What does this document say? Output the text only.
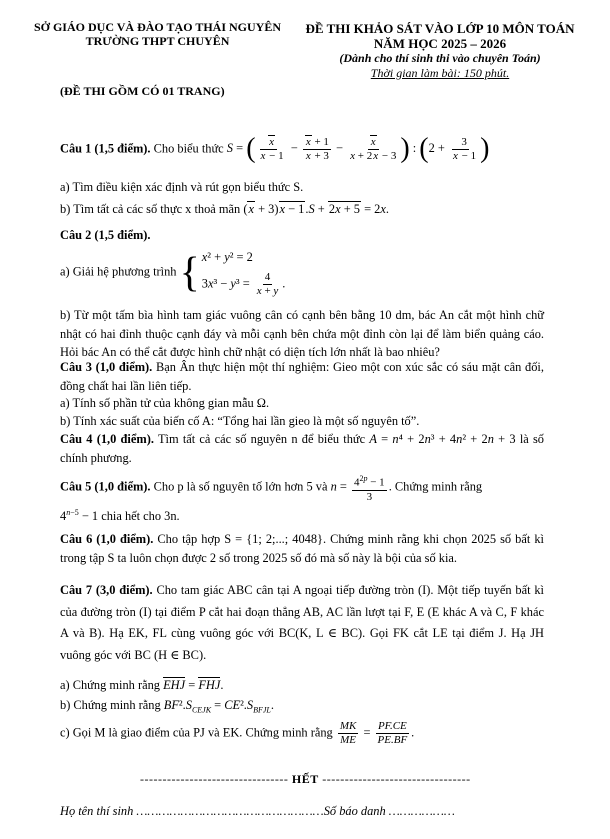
SỞ GIÁO DỤC VÀ ĐÀO TẠO THÁI NGUYÊN
TRƯỜNG THPT CHUYÊN
ĐỀ THI KHẢO SÁT VÀO LỚP 10 MÔN TOÁN
NĂM HỌC 2025 – 2026
(Dành cho thí sinh thi vào chuyên Toán)
Thời gian làm bài: 150 phút.
(ĐỀ THI GỒM CÓ 01 TRANG)
Câu 1 (1,5 điểm). Cho biểu thức S = ( $\frac{x}{x - 1} - \frac{x + 1}{x + 3} - \frac{x}{x + 2x - 3}$ ) : ($2 + \frac{3}{x - 1}$ )
a) Tìm điều kiện xác định và rút gọn biểu thức S.
b) Tìm tất cả các số thực x thoả mãn (x + 3)x − 1.S + 2x + 5 = 2x.
Câu 2 (1,5 điểm).
a) Giải hệ phương trình { x² + y² = 2
$3x^3 - y^3 = \frac{4}{x + y}$ .
b) Từ một tấm bìa hình tam giác vuông cân có cạnh bên bằng 10 dm, bác An cắt một hình chữ nhật có hai đỉnh thuộc cạnh đáy và mỗi cạnh bên chứa một đỉnh còn lại để làm biển quảng cáo. Hỏi bác An có thể cắt được hình chữ nhật có diện tích lớn nhất là bao nhiêu?
Câu 3 (1,0 điểm). Bạn Ân thực hiện một thí nghiệm: Gieo một con xúc sắc có sáu mặt cân đối, đồng chất hai lần liên tiếp.
a) Tính số phần tử của không gian mẫu Ω.
b) Tính xác suất của biến cố A: “Tổng hai lần gieo là một số nguyên tố”.
Câu 4 (1,0 điểm). Tìm tất cả các số nguyên n để biểu thức A = n⁴ + 2n³ + 4n² + 2n + 3 là số chính phương.
Câu 5 (1,0 điểm). Cho p là số nguyên tố lớn hơn 5 và $n = \frac{4^{2p} - 1}{3}$ . Chứng minh rằng
$4^{n-5} - 1$ chia hết cho 3n.
Câu 6 (1,0 điểm). Cho tập hợp S = {1; 2;...; 4048}. Chứng minh rằng khi chọn 2025 số bất kì trong tập S ta luôn chọn được 2 số trong 2025 số đó mà số này là bội của số kia.
Câu 7 (3,0 điểm). Cho tam giác ABC cân tại A ngoại tiếp đường tròn (I). Một tiếp tuyến bất kì của đường tròn (I) tại điểm P cắt hai đoạn thẳng AB, AC lần lượt tại F, E (E khác A và C, F khác A và B). Hạ EK, FL cùng vuông góc với BC(K, L ∈ BC). Gọi FK cắt LE tại điểm J. Hạ JH vuông góc với BC (H ∈ BC).
a) Chứng minh rằng EHJ = FHJ.
b) Chứng minh rằng $BF^2.S_{CEJK} = CE^2.S_{BFJL}$.
c) Gọi M là giao điểm của PJ và EK. Chứng minh rằng $\frac{MK}{ME} = \frac{PF.CE}{PE.BF}$ .
--------------------------------- HẾT ---------------------------------
Họ tên thí sinh ……………………………………………Số báo danh ………………
